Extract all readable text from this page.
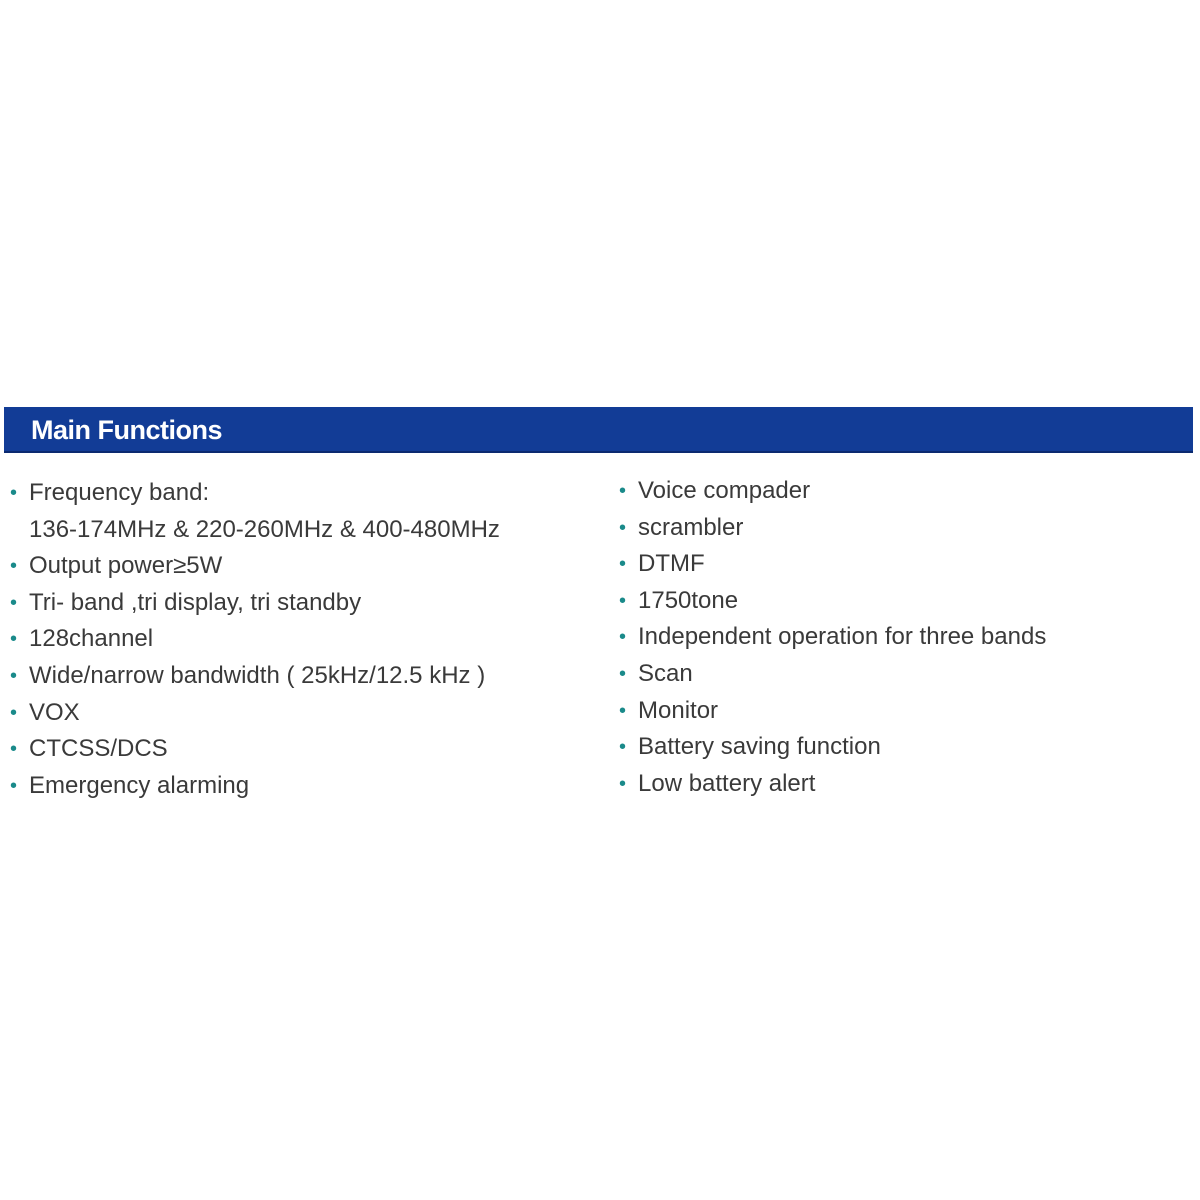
Main Functions
• Frequency band:
136-174MHz & 220-260MHz & 400-480MHz
• Output power≥5W
• Tri- band ,tri display, tri standby
• 128channel
• Wide/narrow bandwidth ( 25kHz/12.5 kHz )
• VOX
• CTCSS/DCS
• Emergency alarming
• Voice compader
• scrambler
• DTMF
• 1750tone
• Independent operation for three bands
• Scan
• Monitor
• Battery saving function
• Low battery alert
